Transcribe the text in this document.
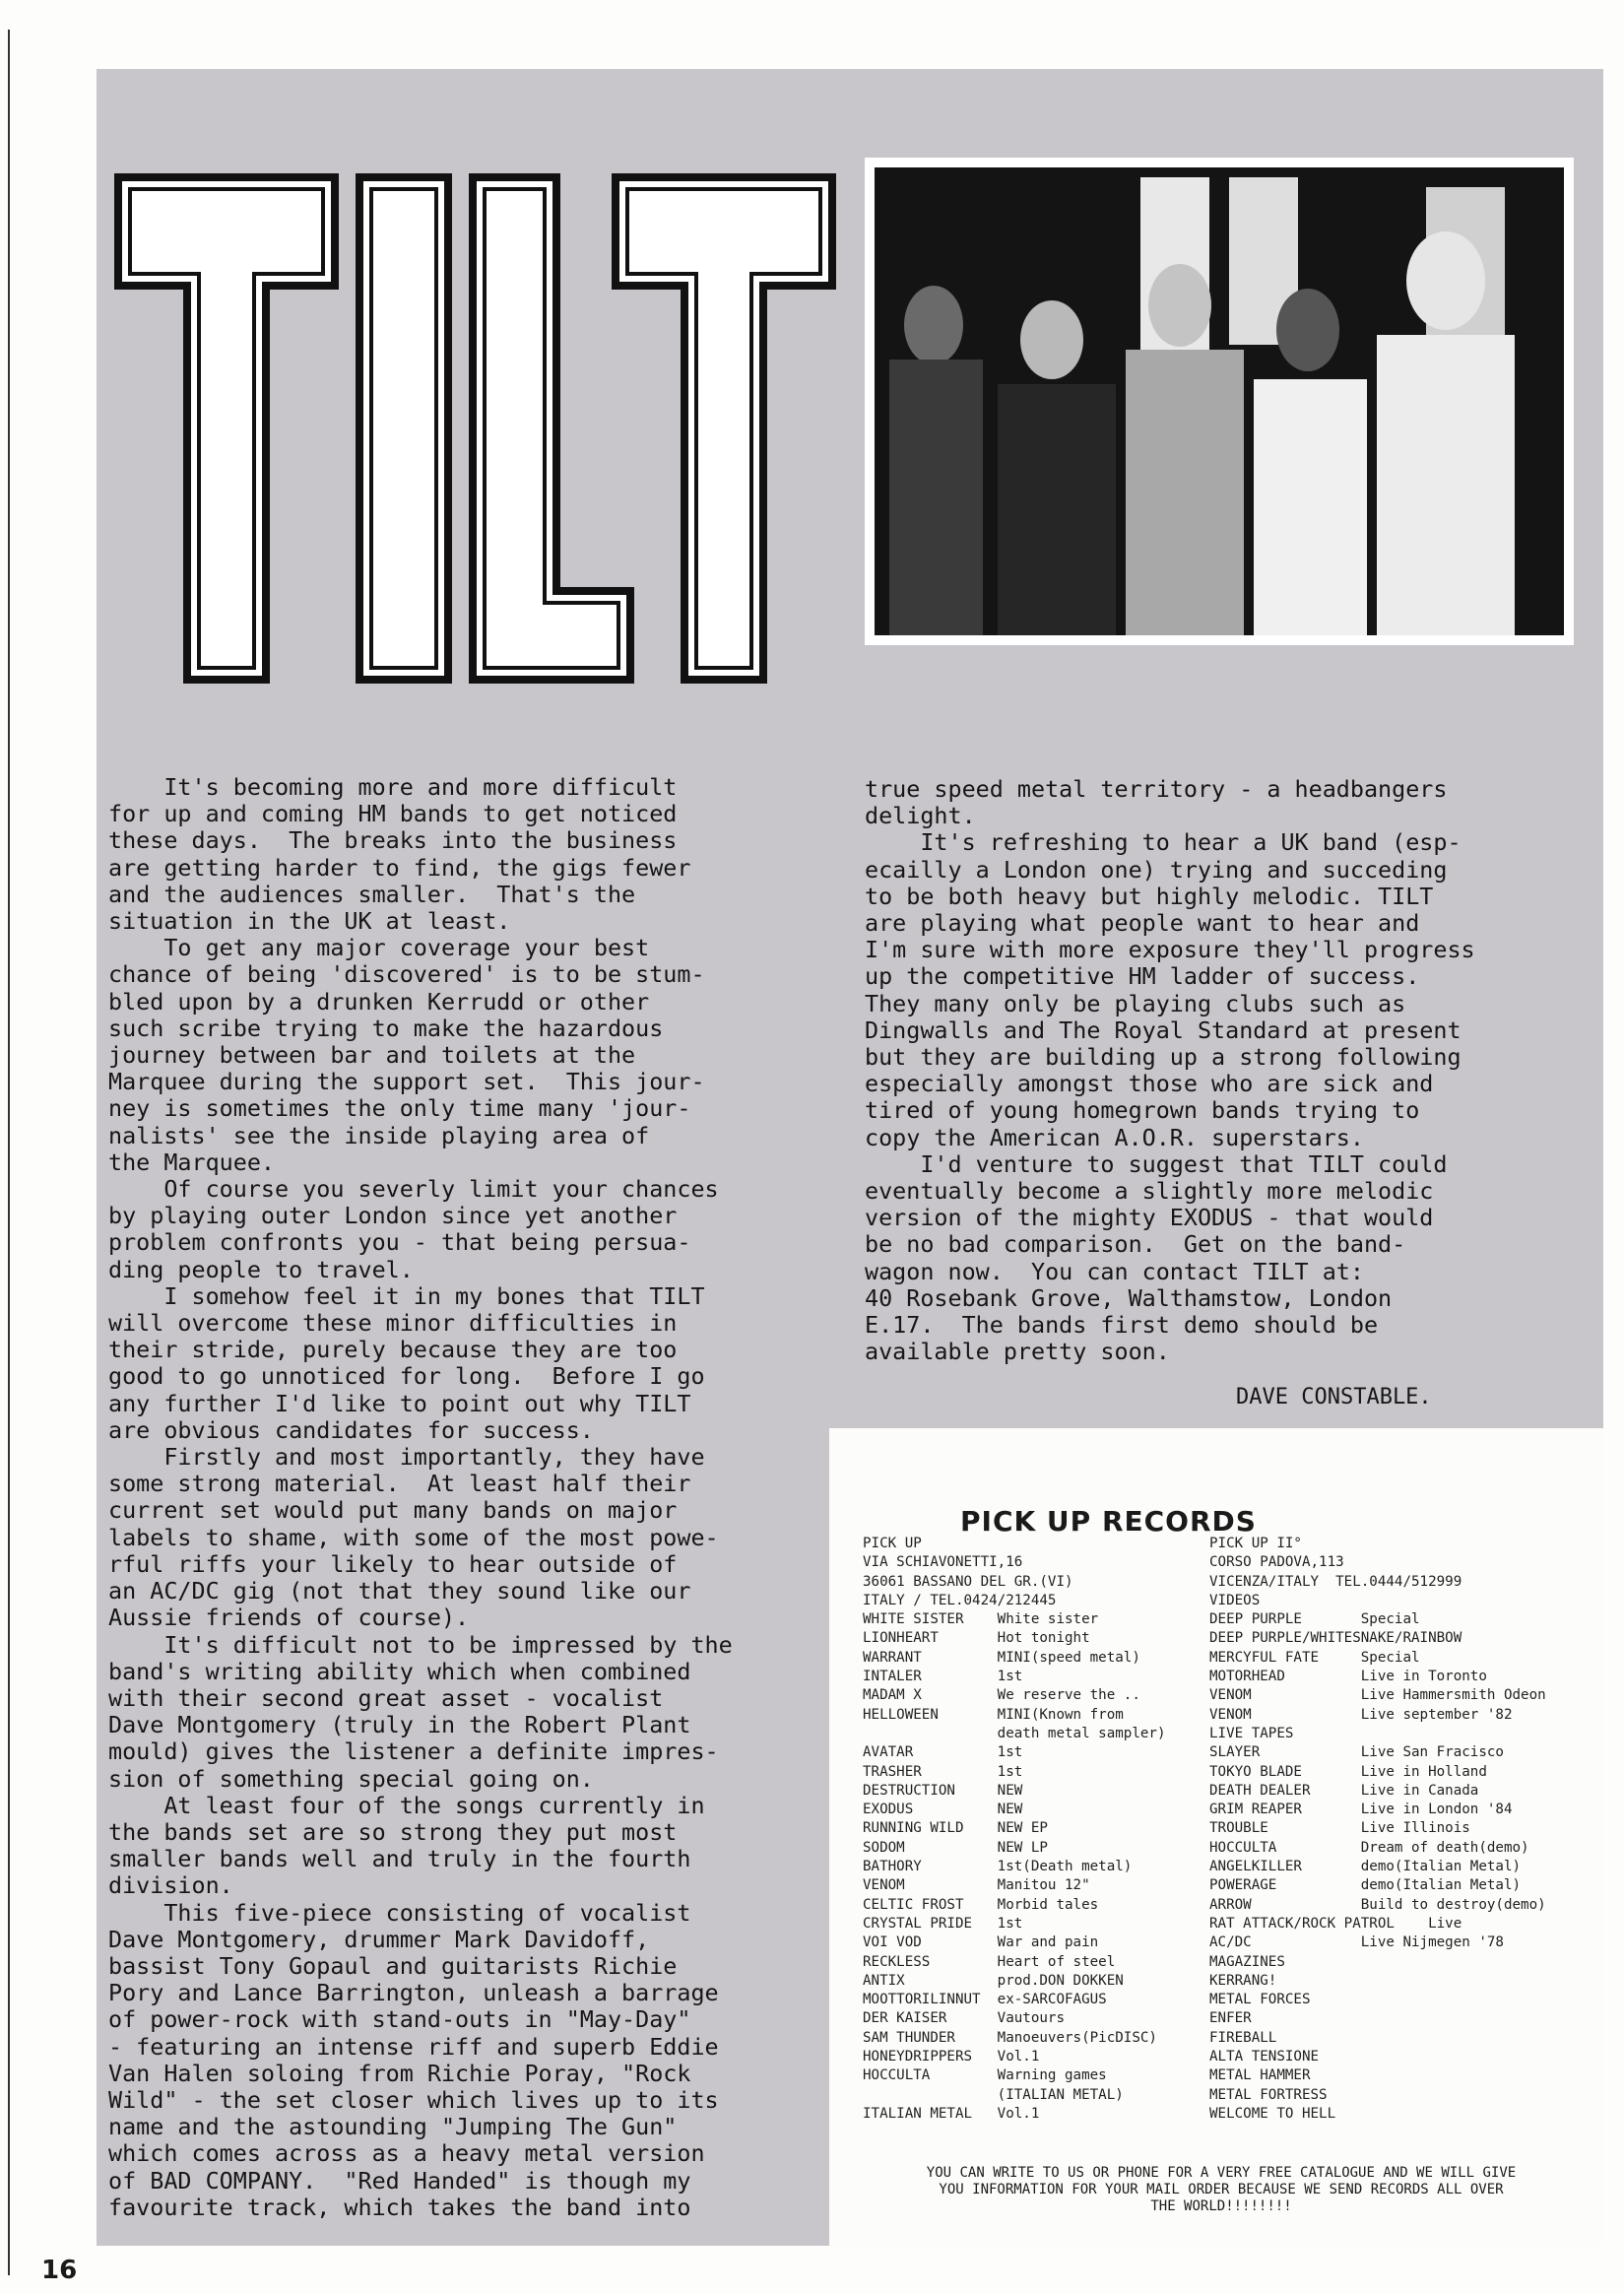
It's becoming more and more difficult
for up and coming HM bands to get noticed
these days.  The breaks into the business
are getting harder to find, the gigs fewer
and the audiences smaller.  That's the
situation in the UK at least.
To get any major coverage your best
chance of being 'discovered' is to be stum-
bled upon by a drunken Kerrudd or other
such scribe trying to make the hazardous
journey between bar and toilets at the
Marquee during the support set.  This jour-
ney is sometimes the only time many 'jour-
nalists' see the inside playing area of
the Marquee.
Of course you severly limit your chances
by playing outer London since yet another
problem confronts you - that being persua-
ding people to travel.
I somehow feel it in my bones that TILT
will overcome these minor difficulties in
their stride, purely because they are too
good to go unnoticed for long.  Before I go
any further I'd like to point out why TILT
are obvious candidates for success.
Firstly and most importantly, they have
some strong material.  At least half their
current set would put many bands on major
labels to shame, with some of the most powe-
rful riffs your likely to hear outside of
an AC/DC gig (not that they sound like our
Aussie friends of course).
It's difficult not to be impressed by the
band's writing ability which when combined
with their second great asset - vocalist
Dave Montgomery (truly in the Robert Plant
mould) gives the listener a definite impres-
sion of something special going on.
At least four of the songs currently in
the bands set are so strong they put most
smaller bands well and truly in the fourth
division.
This five-piece consisting of vocalist
Dave Montgomery, drummer Mark Davidoff,
bassist Tony Gopaul and guitarists Richie
Pory and Lance Barrington, unleash a barrage
of power-rock with stand-outs in "May-Day"
- featuring an intense riff and superb Eddie
Van Halen soloing from Richie Poray, "Rock
Wild" - the set closer which lives up to its
name and the astounding "Jumping The Gun"
which comes across as a heavy metal version
of BAD COMPANY.  "Red Handed" is though my
favourite track, which takes the band into
true speed metal territory - a headbangers
delight.
It's refreshing to hear a UK band (esp-
ecailly a London one) trying and succeding
to be both heavy but highly melodic. TILT
are playing what people want to hear and
I'm sure with more exposure they'll progress
up the competitive HM ladder of success.
They many only be playing clubs such as
Dingwalls and The Royal Standard at present
but they are building up a strong following
especially amongst those who are sick and
tired of young homegrown bands trying to
copy the American A.O.R. superstars.
I'd venture to suggest that TILT could
eventually become a slightly more melodic
version of the mighty EXODUS - that would
be no bad comparison.  Get on the band-
wagon now.  You can contact TILT at:
40 Rosebank Grove, Walthamstow, London
E.17.  The bands first demo should be
available pretty soon.
DAVE CONSTABLE.
PICK UP RECORDS
PICK UP
VIA SCHIAVONETTI,16
36061 BASSANO DEL GR.(VI)
ITALY / TEL.0424/212445
WHITE SISTER    White sister
LIONHEART       Hot tonight
WARRANT         MINI(speed metal)
INTALER         1st
MADAM X         We reserve the ..
HELLOWEEN       MINI(Known from
death metal sampler)
AVATAR          1st
TRASHER         1st
DESTRUCTION     NEW
EXODUS          NEW
RUNNING WILD    NEW EP
SODOM           NEW LP
BATHORY         1st(Death metal)
VENOM           Manitou 12"
CELTIC FROST    Morbid tales
CRYSTAL PRIDE   1st
VOI VOD         War and pain
RECKLESS        Heart of steel
ANTIX           prod.DON DOKKEN
MOOTTORILINNUT  ex-SARCOFAGUS
DER KAISER      Vautours
SAM THUNDER     Manoeuvers(PicDISC)
HONEYDRIPPERS   Vol.1
HOCCULTA        Warning games
(ITALIAN METAL)
ITALIAN METAL   Vol.1
PICK UP II°
CORSO PADOVA,113
VICENZA/ITALY  TEL.0444/512999
VIDEOS
DEEP PURPLE       Special
DEEP PURPLE/WHITESNAKE/RAINBOW
MERCYFUL FATE     Special
MOTORHEAD         Live in Toronto
VENOM             Live Hammersmith Odeon
VENOM             Live september '82
LIVE TAPES
SLAYER            Live San Fracisco
TOKYO BLADE       Live in Holland
DEATH DEALER      Live in Canada
GRIM REAPER       Live in London '84
TROUBLE           Live Illinois
HOCCULTA          Dream of death(demo)
ANGELKILLER       demo(Italian Metal)
POWERAGE          demo(Italian Metal)
ARROW             Build to destroy(demo)
RAT ATTACK/ROCK PATROL    Live
AC/DC             Live Nijmegen '78
MAGAZINES
KERRANG!
METAL FORCES
ENFER
FIREBALL
ALTA TENSIONE
METAL HAMMER
METAL FORTRESS
WELCOME TO HELL
YOU CAN WRITE TO US OR PHONE FOR A VERY FREE CATALOGUE AND WE WILL GIVE
YOU INFORMATION FOR YOUR MAIL ORDER BECAUSE WE SEND RECORDS ALL OVER
THE WORLD!!!!!!!!
16
